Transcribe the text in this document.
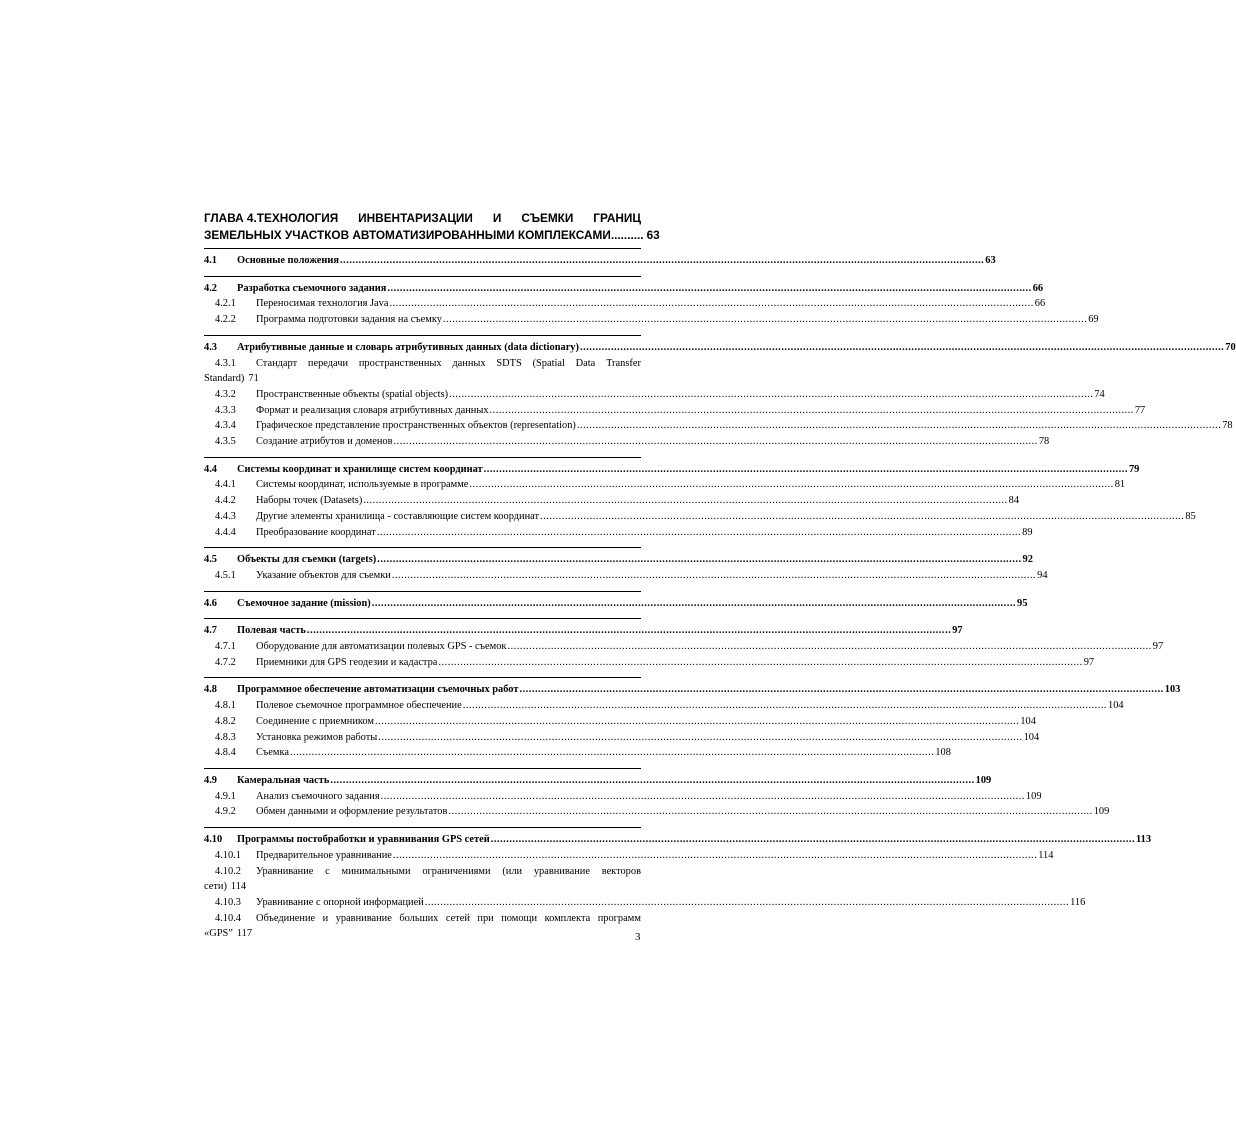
ГЛАВА 4.ТЕХНОЛОГИЯ ИНВЕНТАРИЗАЦИИ И СЪЕМКИ ГРАНИЦ
ЗЕМЕЛЬНЫХ УЧАСТКОВ АВТОМАТИЗИРОВАННЫМИ КОМПЛЕКСАМИ .......... 63
4.1	Основные положения .....	63
4.2	Разработка съемочного задания .....	66
4.2.1	Переносимая технология Java .....	66
4.2.2	Программа подготовки задания на съемку .....	69
4.3	Атрибутивные данные и словарь атрибутивных данных (data dictionary) .....	70
4.3.1	Стандарт передачи пространственных данных SDTS (Spatial Data Transfer
Standard) 71
4.3.2	Пространственные объекты (spatial objects) .....	74
4.3.3	Формат и реализация словаря атрибутивных данных .....	77
4.3.4	Графическое представление пространственных объектов (representation) .....	78
4.3.5	Создание атрибутов и доменов .....	78
4.4	Системы координат и хранилище систем координат .....	79
4.4.1	Системы координат, используемые в программе .....	81
4.4.2	Наборы точек (Datasets) .....	84
4.4.3	Другие элементы хранилища - составляющие систем координат .....	85
4.4.4	Преобразование координат .....	89
4.5	Объекты для съемки (targets) .....	92
4.5.1	Указание объектов для съемки .....	94
4.6	Съемочное задание (mission) .....	95
4.7	Полевая часть .....	97
4.7.1	Оборудование для автоматизации полевых GPS - съемок .....	97
4.7.2	Приемники для GPS геодезии и кадастра .....	97
4.8	Программное обеспечение автоматизации съемочных работ .....	103
4.8.1	Полевое съемочное программное обеспечение .....	104
4.8.2	Соединение с приемником .....	104
4.8.3	Установка режимов работы .....	104
4.8.4	Съемка .....	108
4.9	Камеральная часть .....	109
4.9.1	Анализ съемочного задания .....	109
4.9.2	Обмен данными и оформление результатов .....	109
4.10	Программы постобработки и уравнивания GPS сетей .....	113
4.10.1	Предварительное уравнивание .....	114
4.10.2	Уравнивание с минимальными ограничениями (или уравнивание векторов
сети) 114
4.10.3	Уравнивание с опорной информацией .....	116
4.10.4	Объединение и уравнивание больших сетей при помощи комплекта программ
«GPS” 117	3
